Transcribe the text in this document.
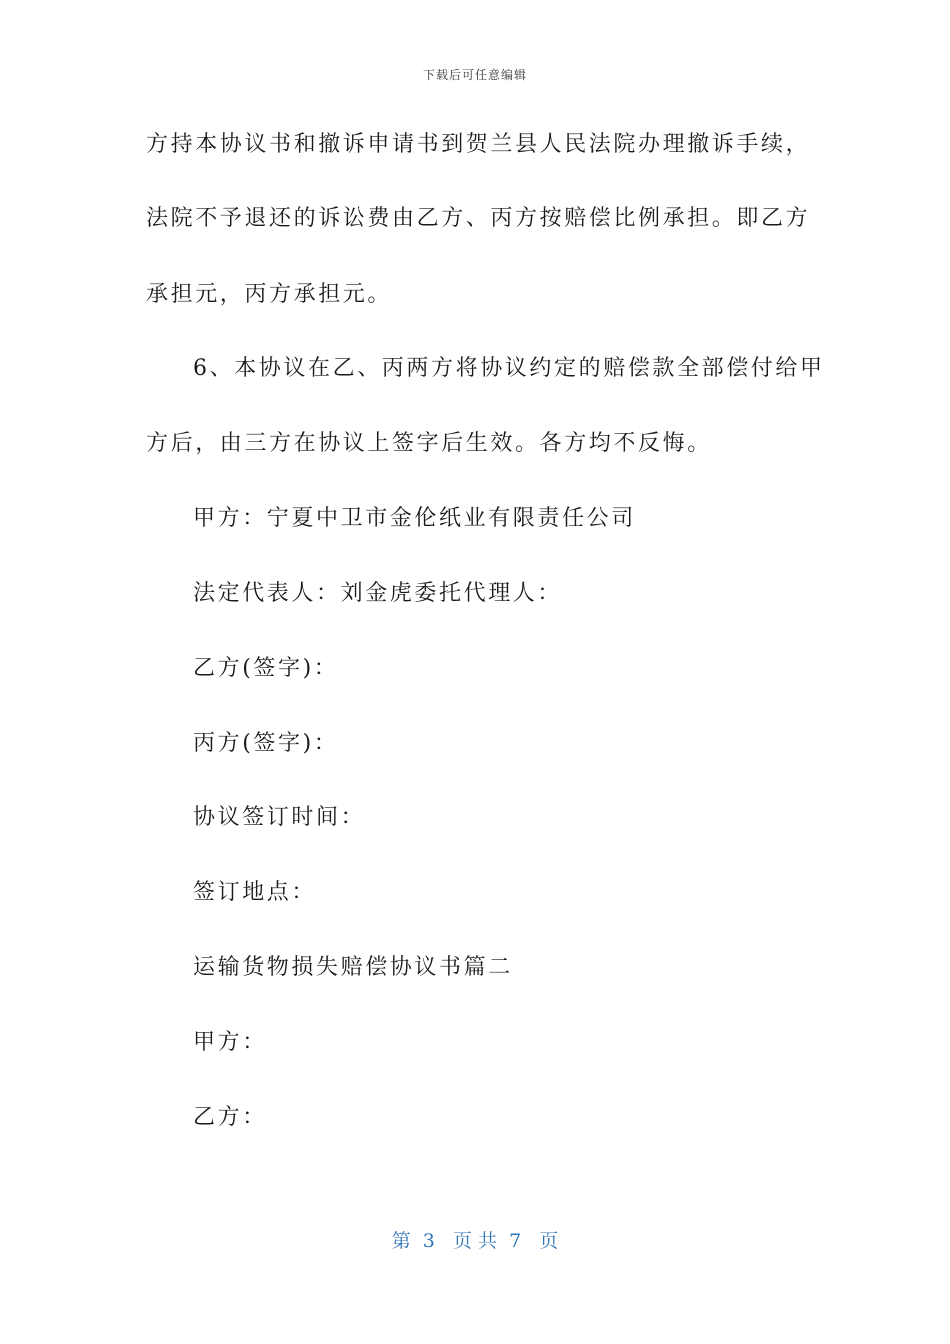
下载后可任意编辑
方持本协议书和撤诉申请书到贺兰县人民法院办理撤诉手续，
法院不予退还的诉讼费由乙方、丙方按赔偿比例承担。即乙方
承担元，丙方承担元。
6、本协议在乙、丙两方将协议约定的赔偿款全部偿付给甲
方后，由三方在协议上签字后生效。各方均不反悔。
甲方：宁夏中卫市金伦纸业有限责任公司
法定代表人：刘金虎委托代理人：
乙方(签字)：
丙方(签字)：
协议签订时间：
签订地点：
运输货物损失赔偿协议书篇二
甲方：
乙方：
第  3   页 共  7   页
